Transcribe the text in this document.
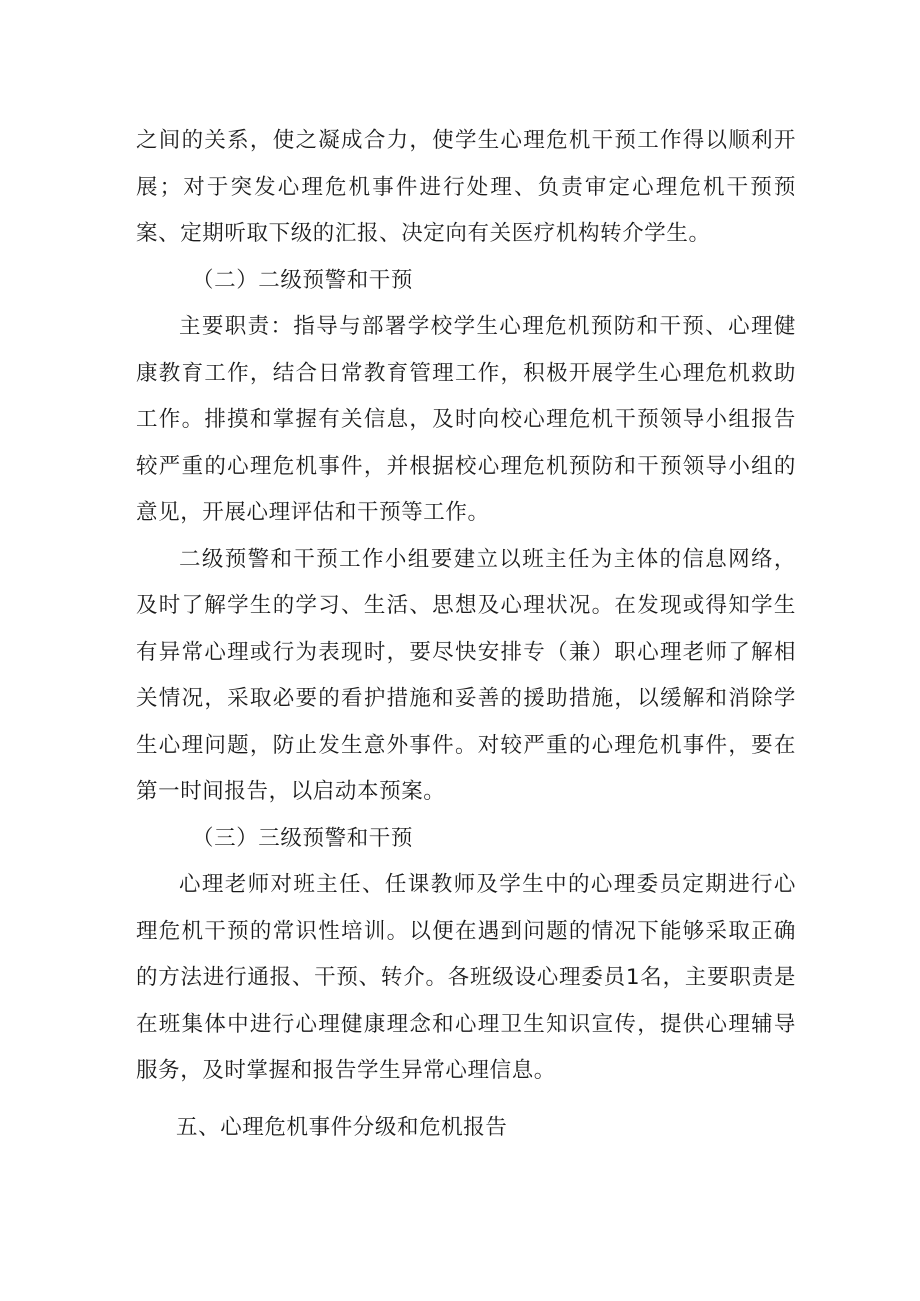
之间的关系，使之凝成合力，使学生心理危机干预工作得以顺利开展；对于突发心理危机事件进行处理、负责审定心理危机干预预案、定期听取下级的汇报、决定向有关医疗机构转介学生。

（二）二级预警和干预

主要职责：指导与部署学校学生心理危机预防和干预、心理健康教育工作，结合日常教育管理工作，积极开展学生心理危机救助工作。排摸和掌握有关信息，及时向校心理危机干预领导小组报告较严重的心理危机事件，并根据校心理危机预防和干预领导小组的意见，开展心理评估和干预等工作。

二级预警和干预工作小组要建立以班主任为主体的信息网络，及时了解学生的学习、生活、思想及心理状况。在发现或得知学生有异常心理或行为表现时，要尽快安排专（兼）职心理老师了解相关情况，采取必要的看护措施和妥善的援助措施，以缓解和消除学生心理问题，防止发生意外事件。对较严重的心理危机事件，要在第一时间报告，以启动本预案。

（三）三级预警和干预

心理老师对班主任、任课教师及学生中的心理委员定期进行心理危机干预的常识性培训。以便在遇到问题的情况下能够采取正确的方法进行通报、干预、转介。各班级设心理委员1名，主要职责是在班集体中进行心理健康理念和心理卫生知识宣传，提供心理辅导服务，及时掌握和报告学生异常心理信息。

五、心理危机事件分级和危机报告
